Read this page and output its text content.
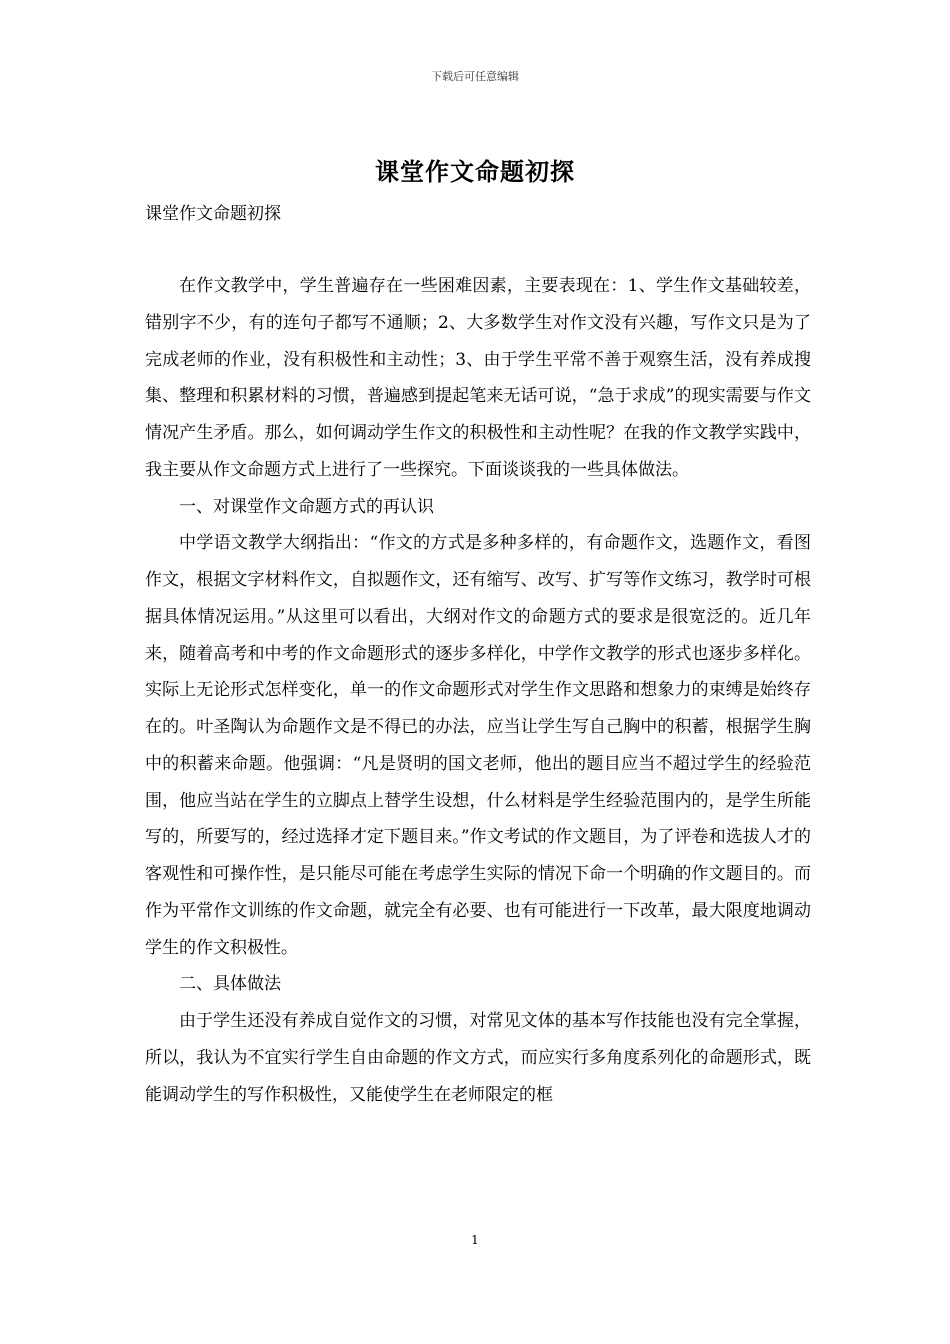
下载后可任意编辑
课堂作文命题初探

课堂作文命题初探

在作文教学中，学生普遍存在一些困难因素，主要表现在：1、学生作文基础较差，错别字不少，有的连句子都写不通顺；2、大多数学生对作文没有兴趣，写作文只是为了完成老师的作业，没有积极性和主动性；3、由于学生平常不善于观察生活，没有养成搜集、整理和积累材料的习惯，普遍感到提起笔来无话可说，“急于求成”的现实需要与作文情况产生矛盾。那么，如何调动学生作文的积极性和主动性呢？在我的作文教学实践中，我主要从作文命题方式上进行了一些探究。下面谈谈我的一些具体做法。

一、对课堂作文命题方式的再认识

中学语文教学大纲指出：“作文的方式是多种多样的，有命题作文，选题作文，看图作文，根据文字材料作文，自拟题作文，还有缩写、改写、扩写等作文练习，教学时可根据具体情况运用。”从这里可以看出，大纲对作文的命题方式的要求是很宽泛的。近几年来，随着高考和中考的作文命题形式的逐步多样化，中学作文教学的形式也逐步多样化。实际上无论形式怎样变化，单一的作文命题形式对学生作文思路和想象力的束缚是始终存在的。叶圣陶认为命题作文是不得已的办法，应当让学生写自己胸中的积蓄，根据学生胸中的积蓄来命题。他强调：“凡是贤明的国文老师，他出的题目应当不超过学生的经验范围，他应当站在学生的立脚点上替学生设想，什么材料是学生经验范围内的，是学生所能写的，所要写的，经过选择才定下题目来。”作文考试的作文题目，为了评卷和选拔人才的客观性和可操作性，是只能尽可能在考虑学生实际的情况下命一个明确的作文题目的。而作为平常作文训练的作文命题，就完全有必要、也有可能进行一下改革，最大限度地调动学生的作文积极性。

二、具体做法

由于学生还没有养成自觉作文的习惯，对常见文体的基本写作技能也没有完全掌握，所以，我认为不宜实行学生自由命题的作文方式，而应实行多角度系列化的命题形式，既能调动学生的写作积极性，又能使学生在老师限定的框

1
